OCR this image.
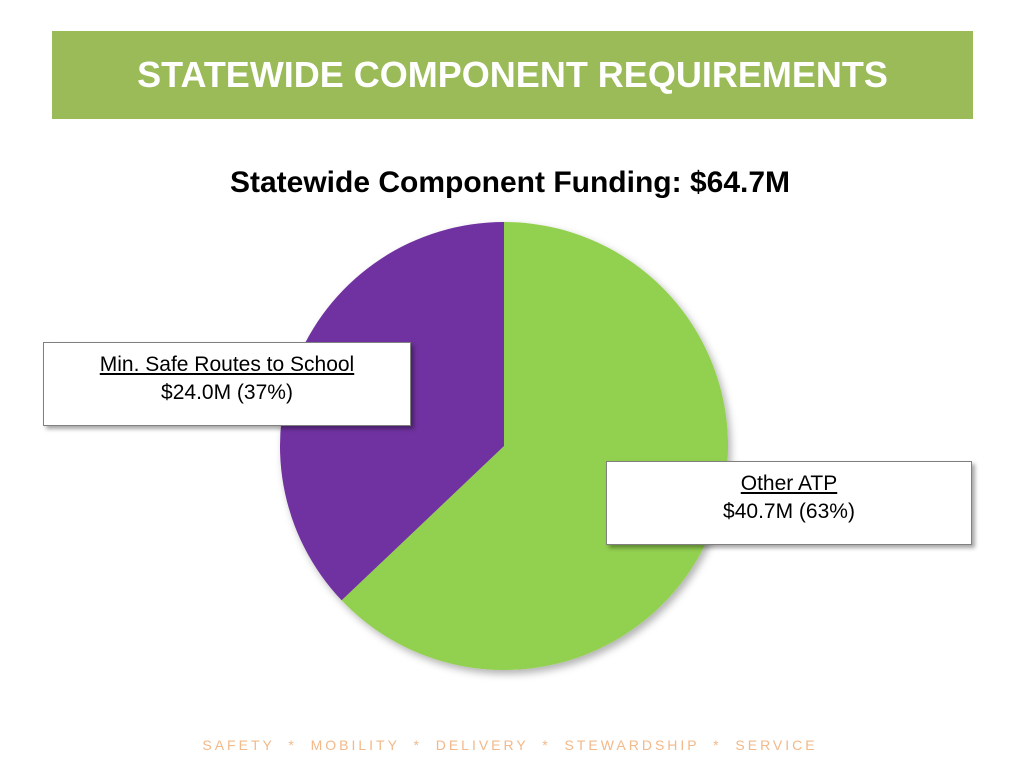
STATEWIDE COMPONENT REQUIREMENTS
Statewide Component Funding: $64.7M
Min. Safe Routes to School
$24.0M (37%)
Other ATP
$40.7M (63%)
SAFETY  *  MOBILITY  *  DELIVERY  *  STEWARDSHIP  *  SERVICE
